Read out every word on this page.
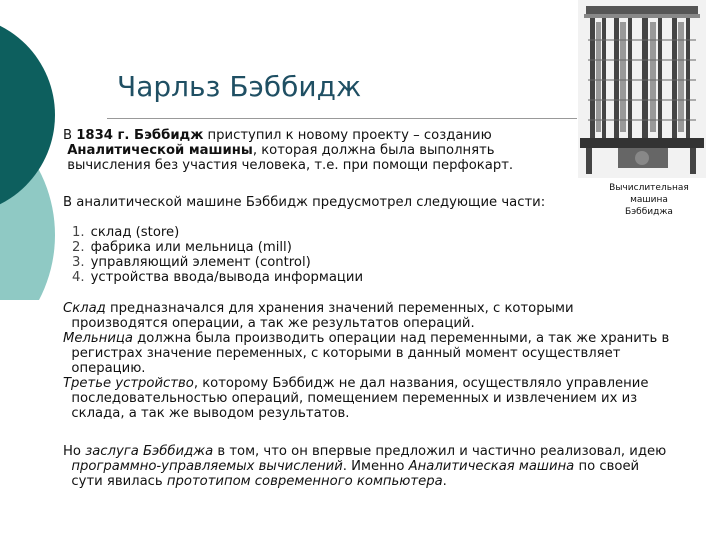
Чарльз Бэббидж
В 1834 г. Бэббидж приступил к новому проекту – созданию
Аналитической машины, которая должна была выполнять
вычисления без участия человека, т.е. при помощи перфокарт.
В аналитической машине Бэббидж предусмотрел следующие части:
1. склад (store)
2. фабрика или мельница (mill)
3. управляющий элемент (control)
4. устройства ввода/вывода информации
Склад предназначался для хранения значений переменных, с которыми
производятся операции, а так же результатов операций.
Мельница должна была производить операции над переменными, а так же хранить в
регистрах значение переменных, с которыми в данный момент осуществляет
операцию.
Третье устройство, которому Бэббидж не дал названия, осуществляло управление
последовательностью операций, помещением переменных и извлечением их из
склада, а так же выводом результатов.
Но заслуга Бэббиджа в том, что он впервые предложил и частично реализовал, идею
программно-управляемых вычислений. Именно Аналитическая машина по своей
сути явилась прототипом современного компьютера.
Вычислительная
машина
Бэббиджа
